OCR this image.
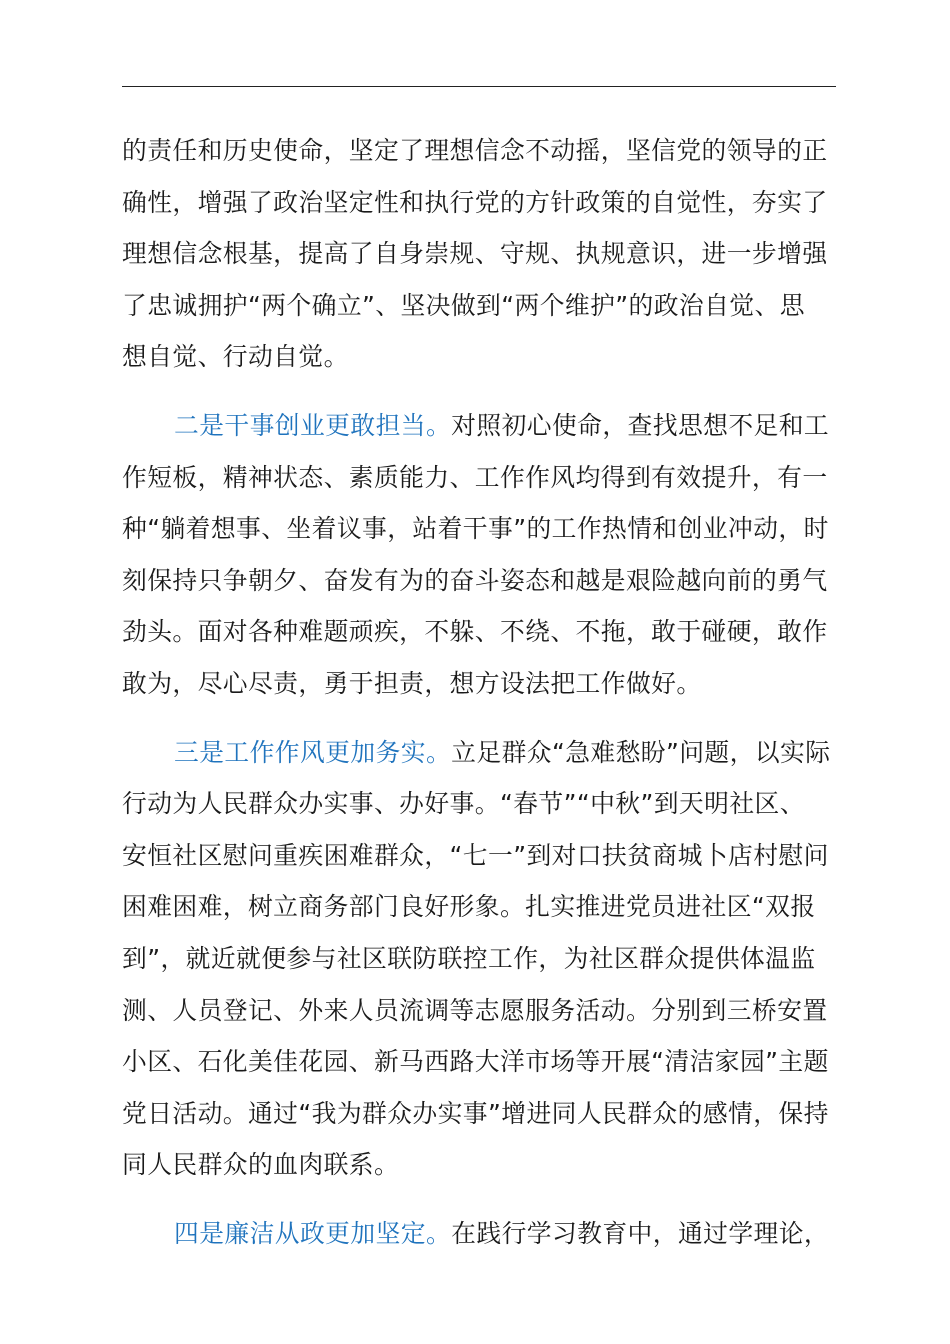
的责任和历史使命，坚定了理想信念不动摇，坚信党的领导的正
确性，增强了政治坚定性和执行党的方针政策的自觉性，夯实了
理想信念根基，提高了自身崇规、守规、执规意识，进一步增强
了忠诚拥护“两个确立”、坚决做到“两个维护”的政治自觉、思
想自觉、行动自觉。

二是干事创业更敢担当。对照初心使命，查找思想不足和工
作短板，精神状态、素质能力、工作作风均得到有效提升，有一
种“躺着想事、坐着议事，站着干事”的工作热情和创业冲动，时
刻保持只争朝夕、奋发有为的奋斗姿态和越是艰险越向前的勇气
劲头。面对各种难题顽疾，不躲、不绕、不拖，敢于碰硬，敢作
敢为，尽心尽责，勇于担责，想方设法把工作做好。

三是工作作风更加务实。立足群众“急难愁盼”问题，以实际
行动为人民群众办实事、办好事。“春节”“中秋”到天明社区、
安恒社区慰问重疾困难群众，“七一”到对口扶贫商城卜店村慰问
困难困难，树立商务部门良好形象。扎实推进党员进社区“双报
到”，就近就便参与社区联防联控工作，为社区群众提供体温监
测、人员登记、外来人员流调等志愿服务活动。分别到三桥安置
小区、石化美佳花园、新马西路大洋市场等开展“清洁家园”主题
党日活动。通过“我为群众办实事”增进同人民群众的感情，保持
同人民群众的血肉联系。

四是廉洁从政更加坚定。在践行学习教育中，通过学理论，
